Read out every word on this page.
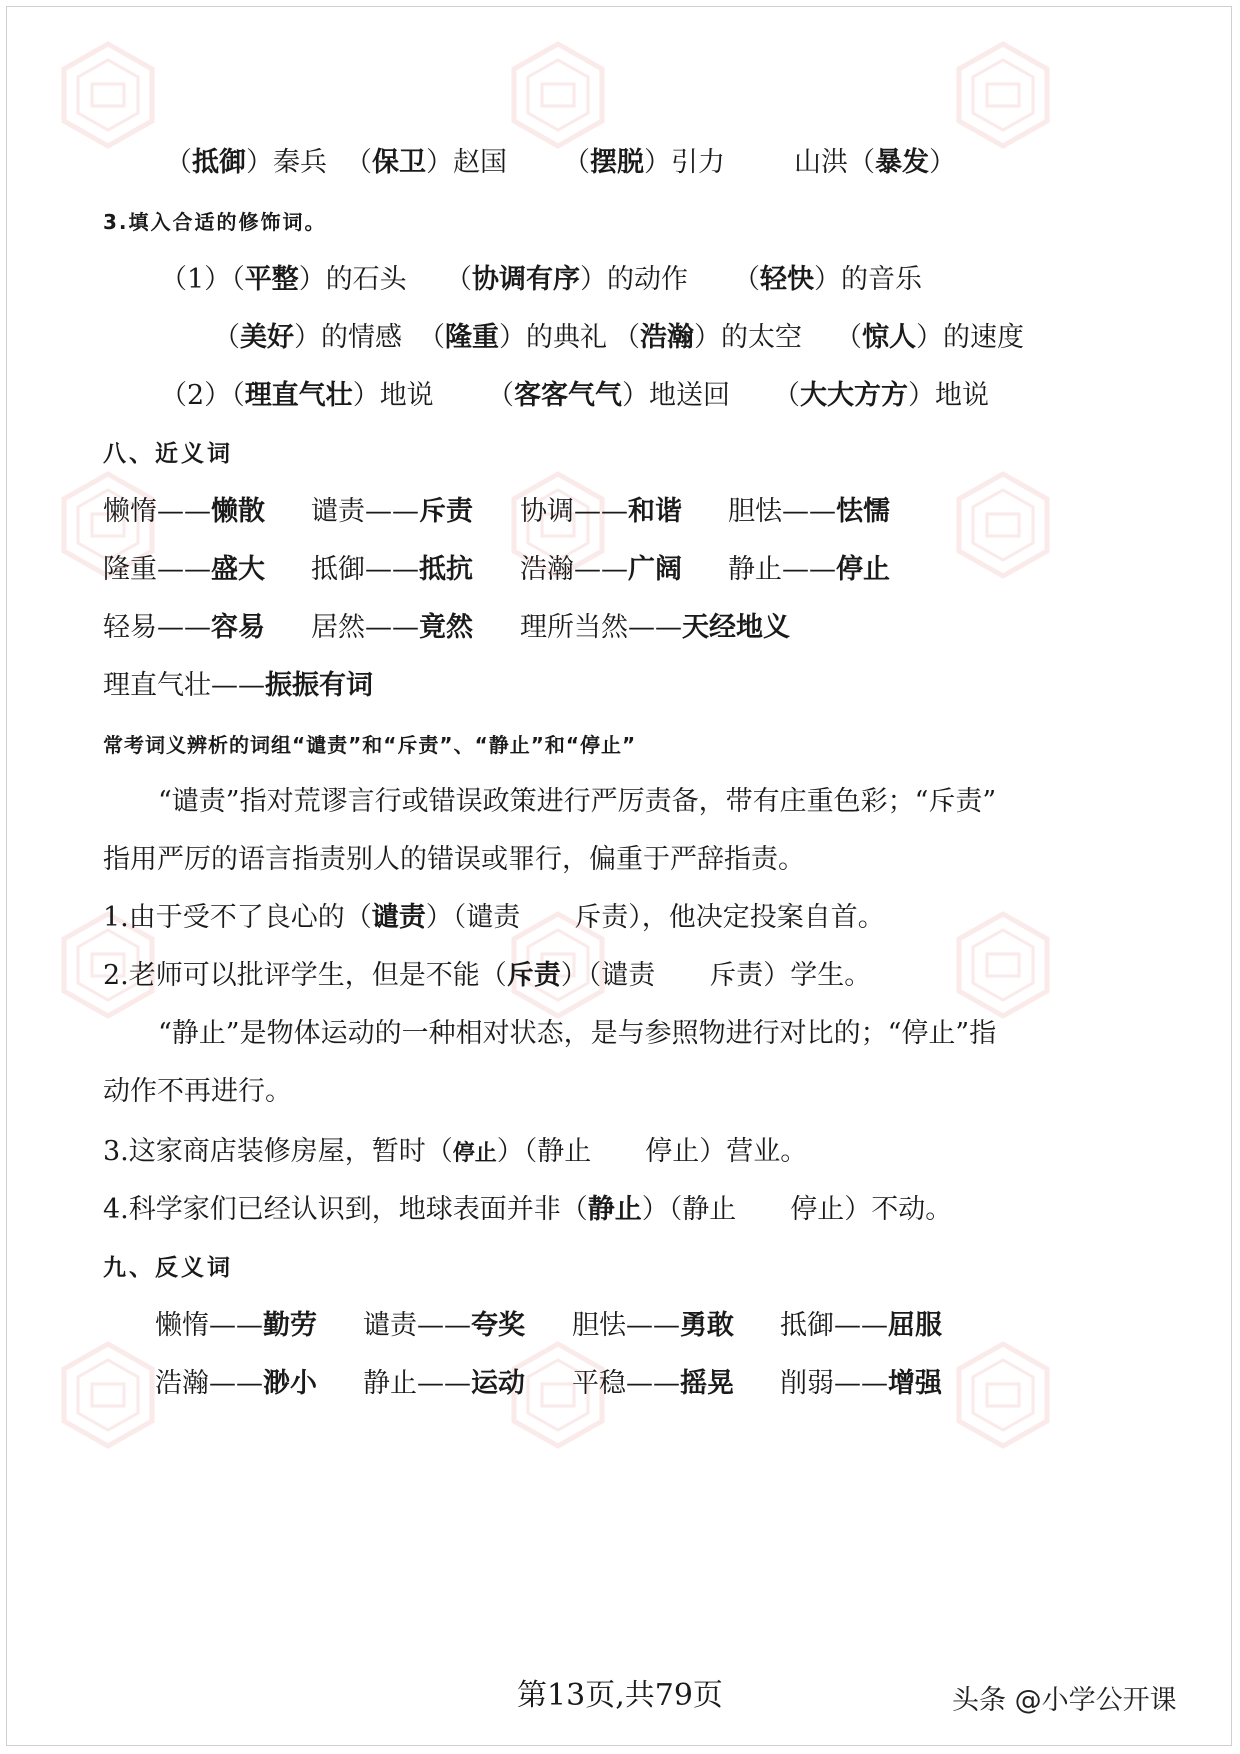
（抵御）秦兵 （保卫）赵国 （摆脱）引力	山洪（暴发）
3.填入合适的修饰词。
（1）（平整）的石头 （协调有序）的动作 （轻快）的音乐
（美好）的情感 （隆重）的典礼 （浩瀚）的太空 （惊人）的速度
（2）（理直气壮）地说 （客客气气）地送回 （大大方方）地说
八、近义词
懒惰——懒散 谴责——斥责 协调——和谐 胆怯——怯懦
隆重——盛大 抵御——抵抗 浩瀚——广阔 静止——停止
轻易——容易 居然——竟然 理所当然——天经地义
理直气壮——振振有词
常考词义辨析的词组“谴责”和“斥责”、“静止”和“停止”
“谴责”指对荒谬言行或错误政策进行严厉责备，带有庄重色彩；“斥责”
指用严厉的语言指责别人的错误或罪行，偏重于严辞指责。
1.由于受不了良心的（谴责）（谴责　　斥责），他决定投案自首。
2.老师可以批评学生，但是不能（斥责）（谴责　　斥责）学生。
“静止”是物体运动的一种相对状态，是与参照物进行对比的；“停止”指
动作不再进行。
3.这家商店装修房屋，暂时（停止）（静止　　停止）营业。
4.科学家们已经认识到，地球表面并非（静止）（静止　　停止）不动。
九、反义词
懒惰——勤劳 谴责——夸奖 胆怯——勇敢 抵御——屈服
浩瀚——渺小 静止——运动 平稳——摇晃 削弱——增强
第13页,共79页	头条 @小学公开课
